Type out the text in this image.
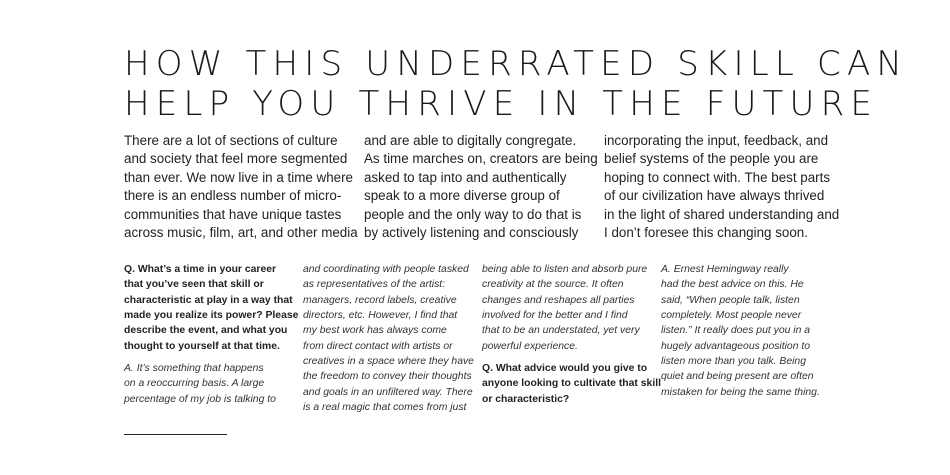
HOW THIS UNDERRATED SKILL CAN
HELP YOU THRIVE IN THE FUTURE

There are a lot of sections of culture
and society that feel more segmented
than ever. We now live in a time where
there is an endless number of micro-
communities that have unique tastes
across music, film, art, and other media

and are able to digitally congregate.
As time marches on, creators are being
asked to tap into and authentically
speak to a more diverse group of
people and the only way to do that is
by actively listening and consciously

incorporating the input, feedback, and
belief systems of the people you are
hoping to connect with. The best parts
of our civilization have always thrived
in the light of shared understanding and
I don’t foresee this changing soon.

Q. What’s a time in your career
that you’ve seen that skill or
characteristic at play in a way that
made you realize its power? Please
describe the event, and what you
thought to yourself at that time.
A. It’s something that happens
on a reoccurring basis. A large
percentage of my job is talking to
and coordinating with people tasked
as representatives of the artist:
managers, record labels, creative
directors, etc. However, I find that
my best work has always come
from direct contact with artists or
creatives in a space where they have
the freedom to convey their thoughts
and goals in an unfiltered way. There
is a real magic that comes from just
being able to listen and absorb pure
creativity at the source. It often
changes and reshapes all parties
involved for the better and I find
that to be an understated, yet very
powerful experience.
Q. What advice would you give to
anyone looking to cultivate that skill
or characteristic?
A. Ernest Hemingway really
had the best advice on this. He
said, “When people talk, listen
completely. Most people never
listen.” It really does put you in a
hugely advantageous position to
listen more than you talk. Being
quiet and being present are often
mistaken for being the same thing.
